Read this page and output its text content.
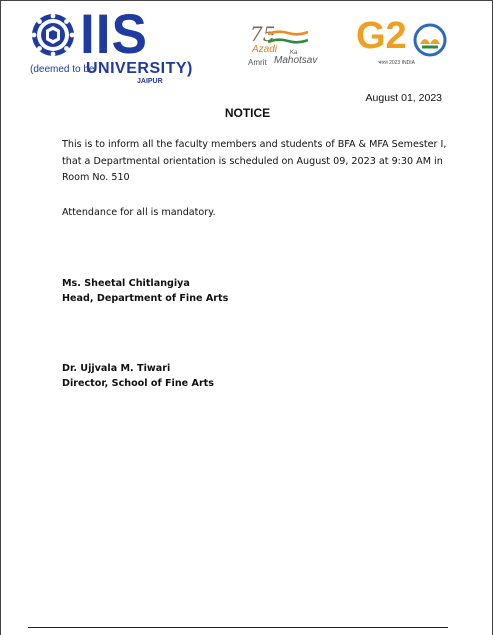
IIS
(deemed to be
UNIVERSITY)
JAIPUR
75
Azadi Ka
Amrit Mahotsav
G2
भारत 2023 INDIA
August 01, 2023
NOTICE

This is to inform all the faculty members and students of BFA & MFA Semester I, that a Departmental orientation is scheduled on August 09, 2023 at 9:30 AM in Room No. 510

Attendance for all is mandatory.

Ms. Sheetal Chitlangiya
Head, Department of Fine Arts
Dr. Ujjvala M. Tiwari
Director, School of Fine Arts
